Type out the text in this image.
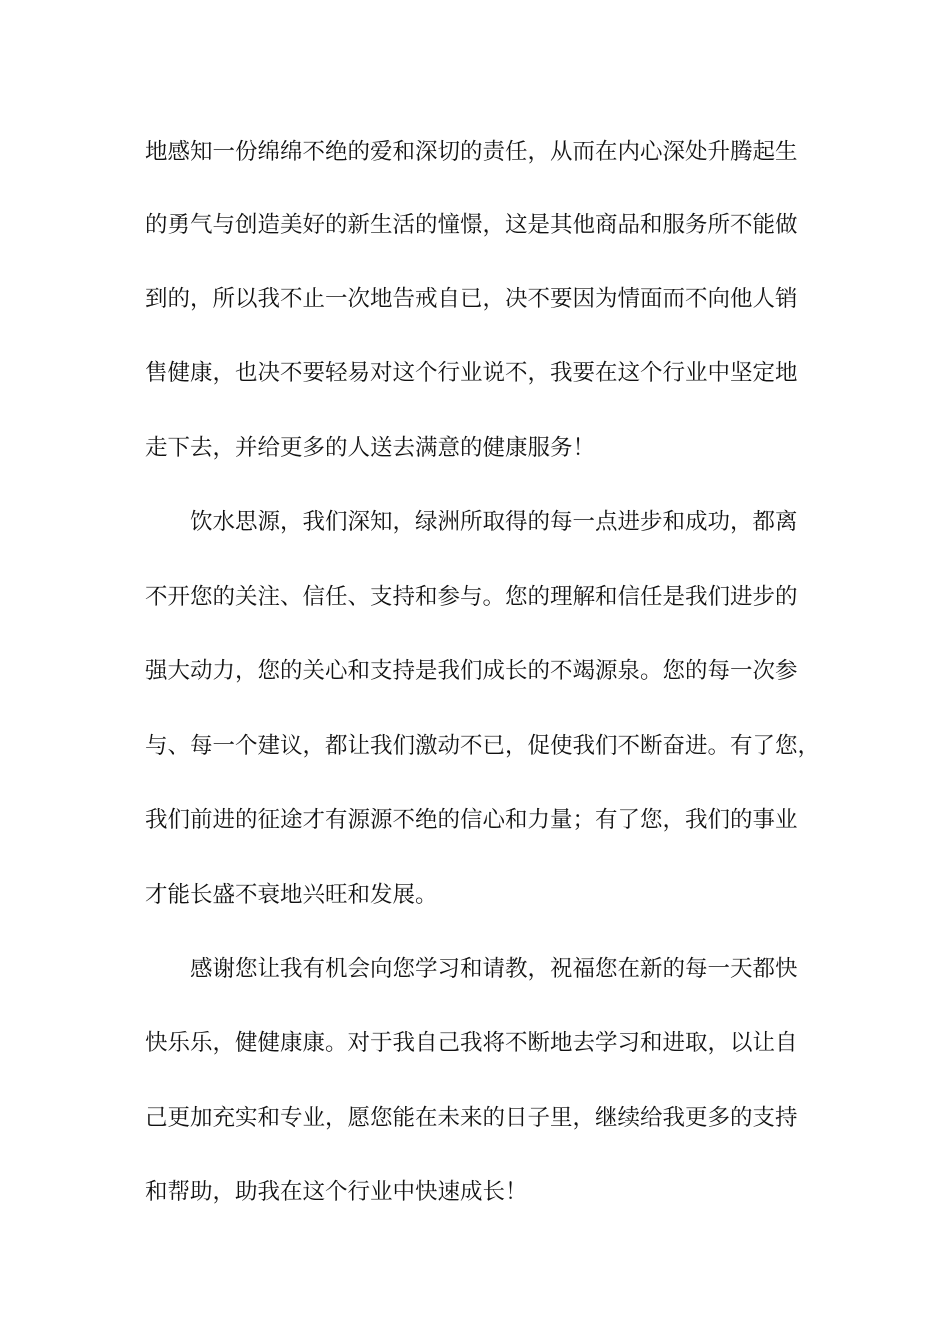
地感知一份绵绵不绝的爱和深切的责任，从而在内心深处升腾起生
的勇气与创造美好的新生活的憧憬，这是其他商品和服务所不能做
到的，所以我不止一次地告戒自已，决不要因为情面而不向他人销
售健康，也决不要轻易对这个行业说不，我要在这个行业中坚定地
走下去，并给更多的人送去满意的健康服务！
饮水思源，我们深知，绿洲所取得的每一点进步和成功，都离
不开您的关注、信任、支持和参与。您的理解和信任是我们进步的
强大动力，您的关心和支持是我们成长的不竭源泉。您的每一次参
与、每一个建议，都让我们激动不已，促使我们不断奋进。有了您，
我们前进的征途才有源源不绝的信心和力量；有了您，我们的事业
才能长盛不衰地兴旺和发展。
感谢您让我有机会向您学习和请教，祝福您在新的每一天都快
快乐乐，健健康康。对于我自己我将不断地去学习和进取，以让自
己更加充实和专业，愿您能在未来的日子里，继续给我更多的支持
和帮助，助我在这个行业中快速成长！
